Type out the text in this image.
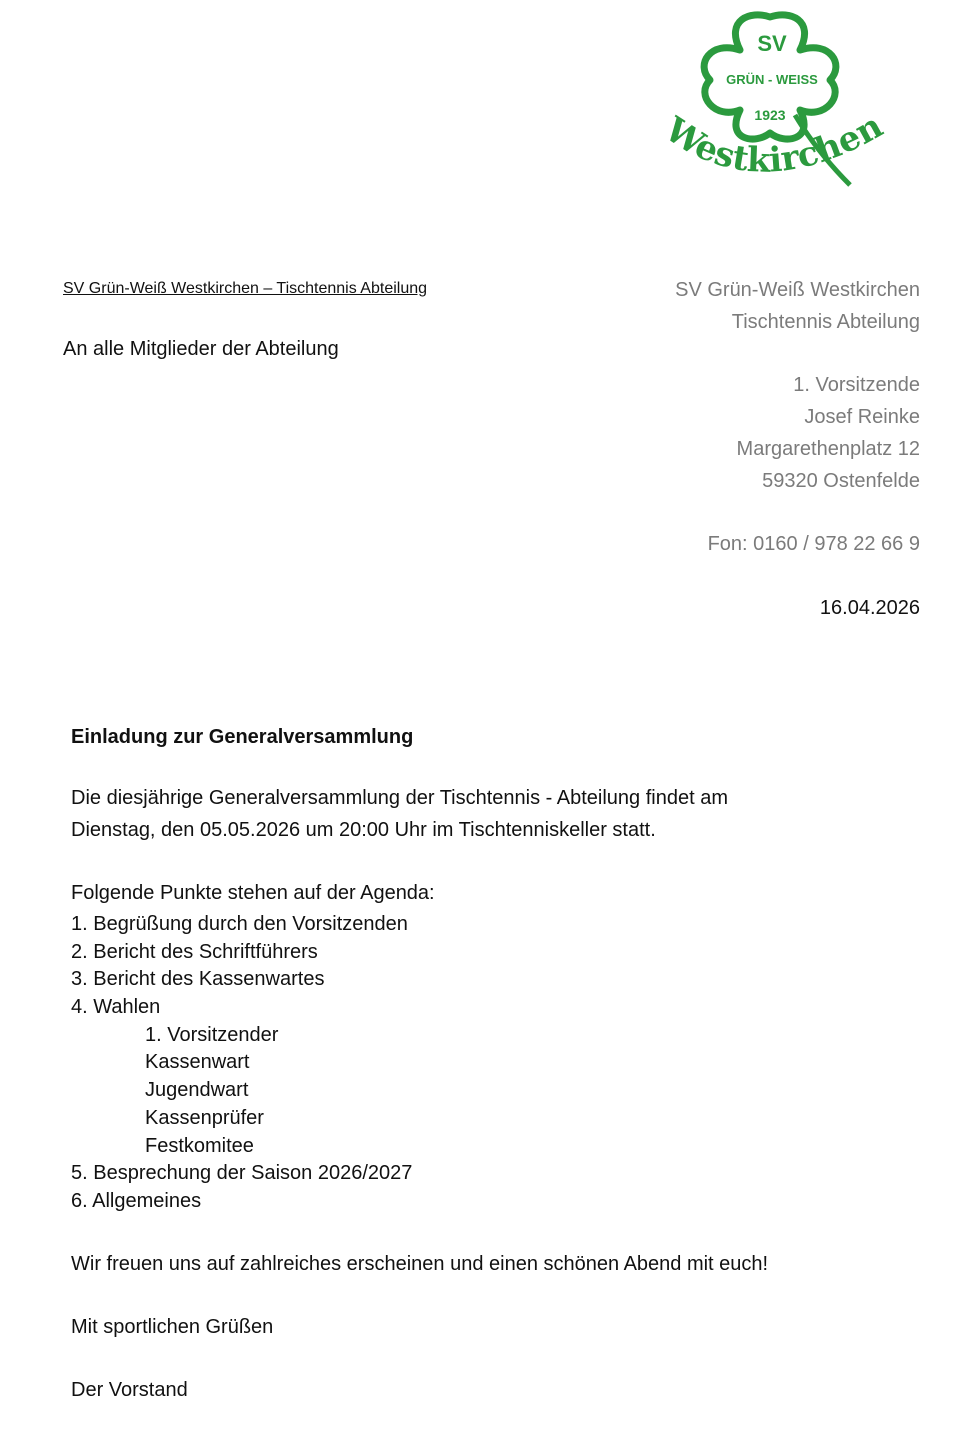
SV
GRÜN - WEISS
1923
Westkirchen
SV Grün-Weiß Westkirchen – Tischtennis Abteilung
An alle Mitglieder der Abteilung
SV Grün-Weiß Westkirchen
Tischtennis Abteilung
1. Vorsitzende
Josef Reinke
Margarethenplatz 12
59320 Ostenfelde
Fon: 0160 / 978 22 66 9
16.04.2026
Einladung zur Generalversammlung
Die diesjährige Generalversammlung der Tischtennis - Abteilung findet am
Dienstag, den 05.05.2026 um 20:00 Uhr im Tischtenniskeller statt.
Folgende Punkte stehen auf der Agenda:
1. Begrüßung durch den Vorsitzenden
2. Bericht des Schriftführers
3. Bericht des Kassenwartes
4. Wahlen
1. Vorsitzender
Kassenwart
Jugendwart
Kassenprüfer
Festkomitee
5. Besprechung der Saison 2026/2027
6. Allgemeines
Wir freuen uns auf zahlreiches erscheinen und einen schönen Abend mit euch!
Mit sportlichen Grüßen
Der Vorstand
